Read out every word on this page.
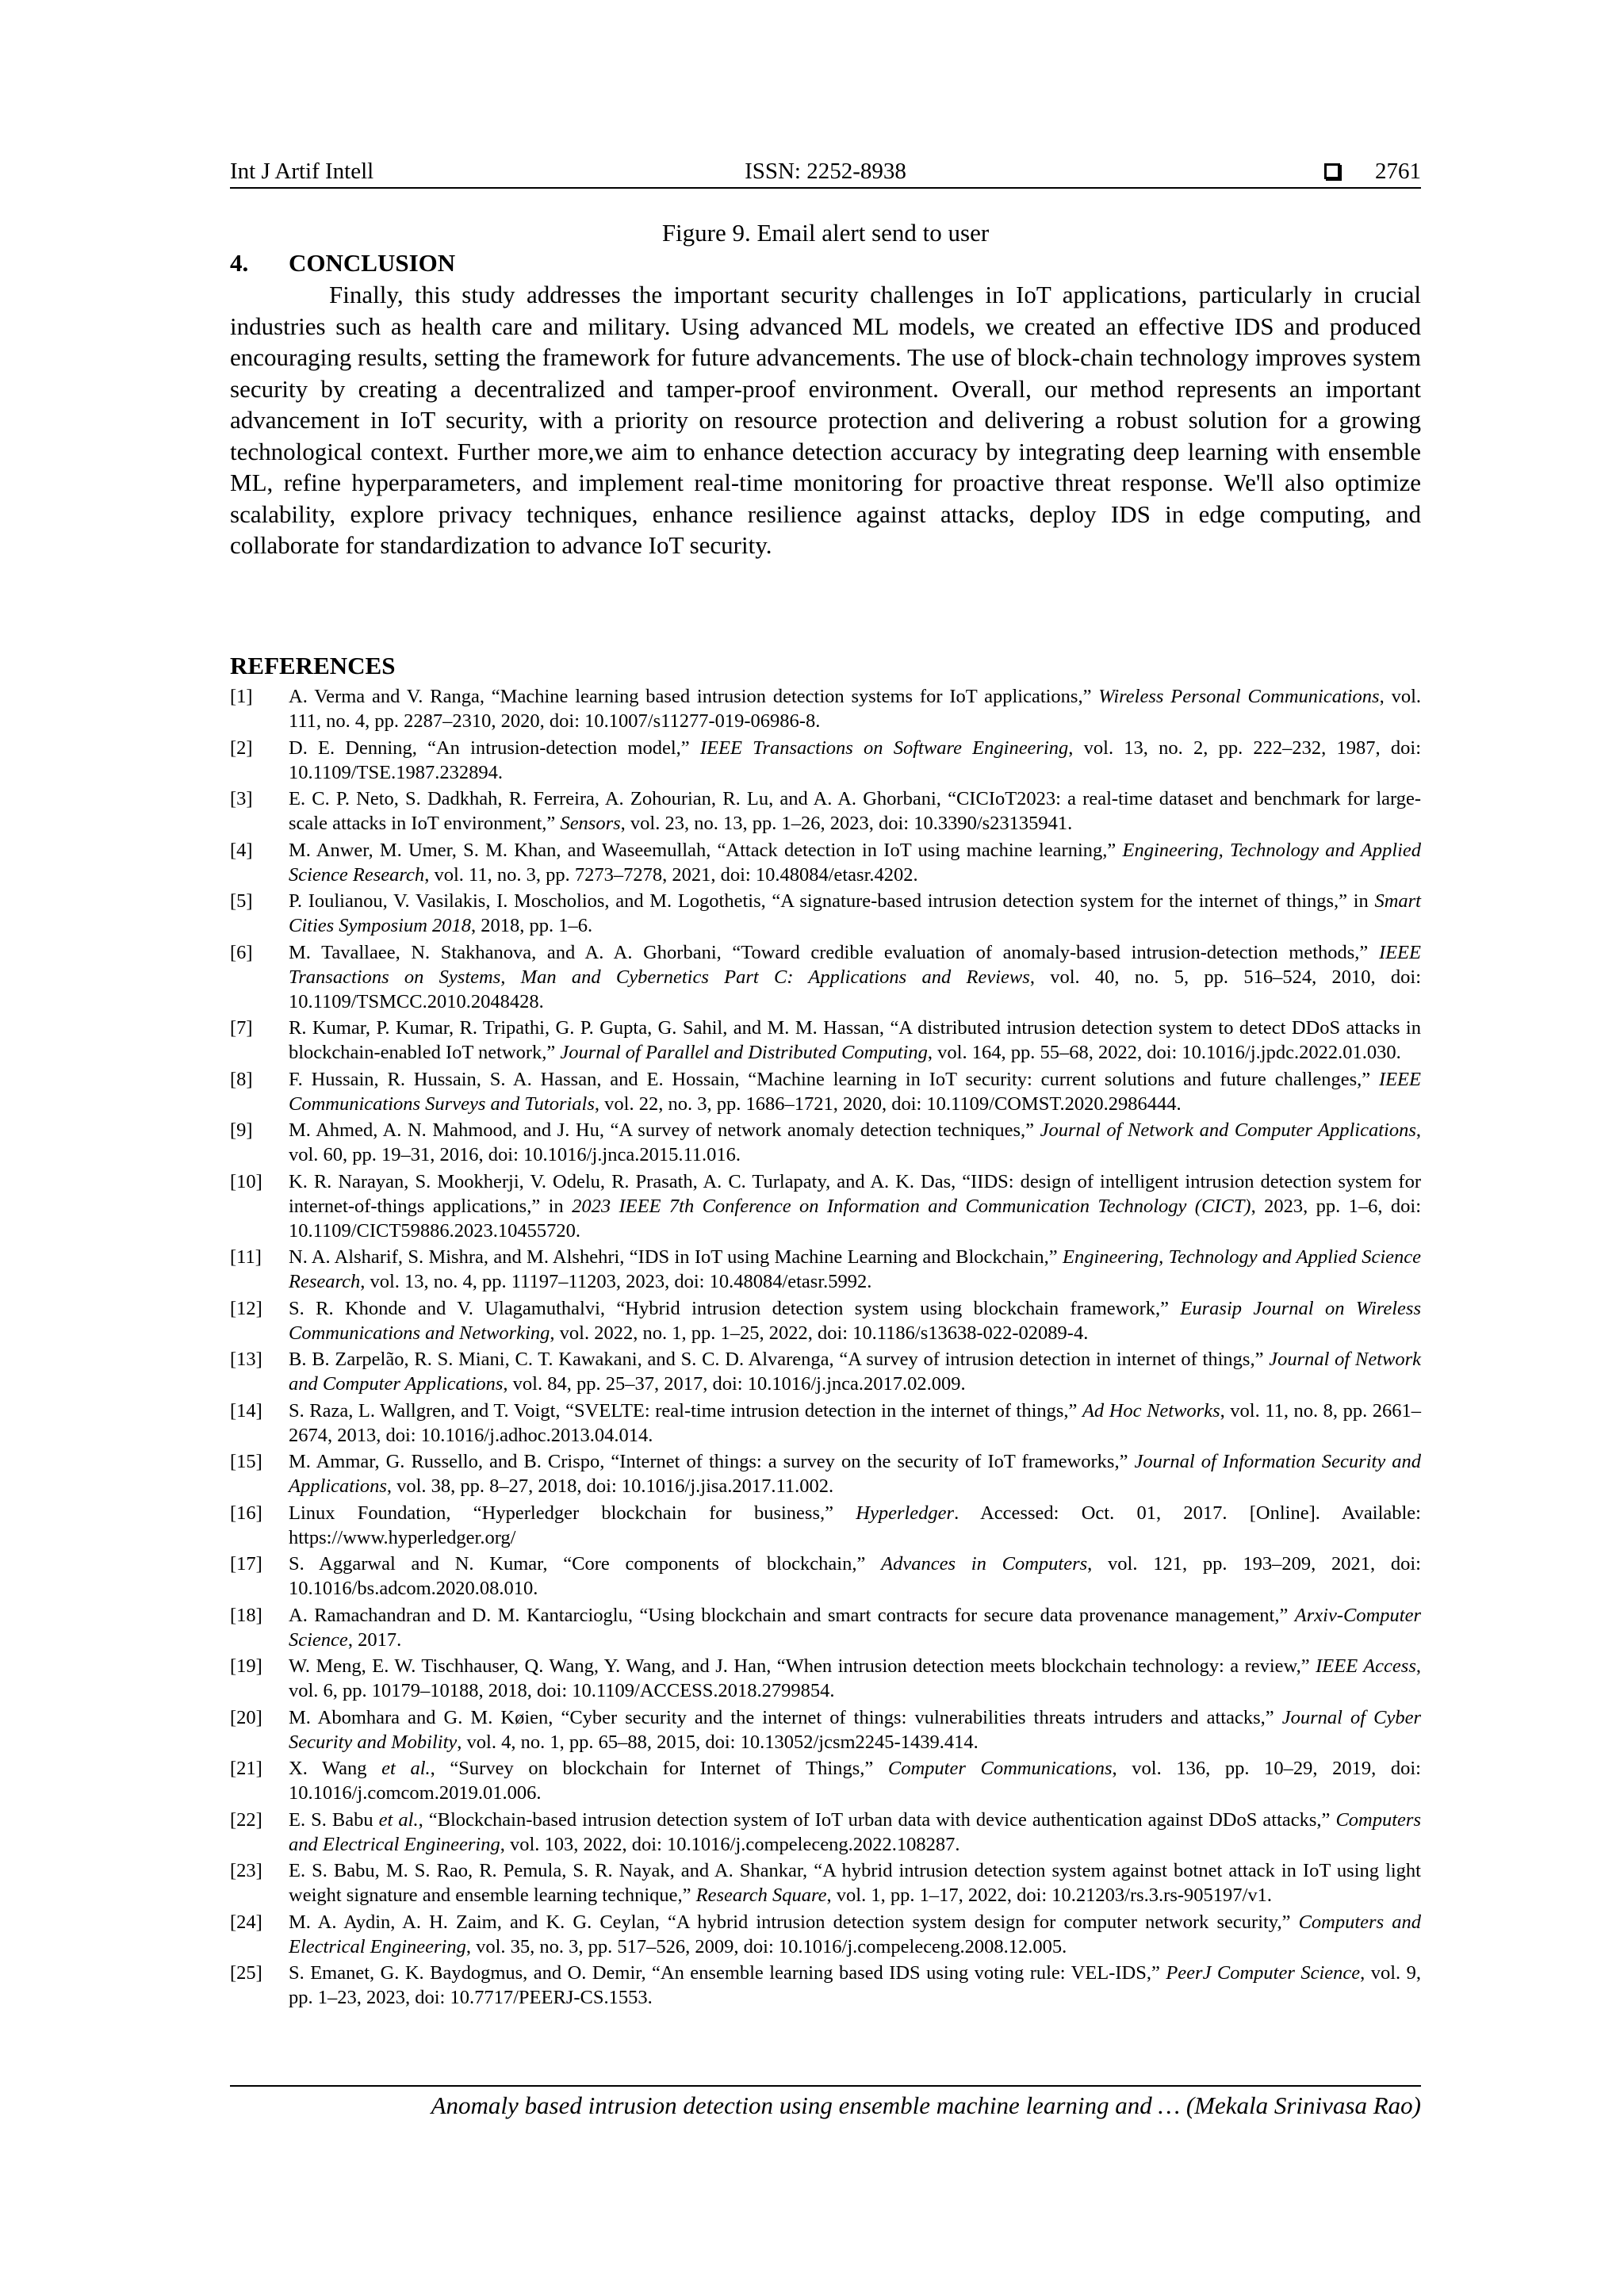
Int J Artif Intell	ISSN: 2252-8938	2761
Figure 9. Email alert send to user
4. CONCLUSION
Finally, this study addresses the important security challenges in IoT applications, particularly in crucial industries such as health care and military. Using advanced ML models, we created an effective IDS and produced encouraging results, setting the framework for future advancements. The use of block-chain technology improves system security by creating a decentralized and tamper-proof environment. Overall, our method represents an important advancement in IoT security, with a priority on resource protection and delivering a robust solution for a growing technological context. Further more,we aim to enhance detection accuracy by integrating deep learning with ensemble ML, refine hyperparameters, and implement real-time monitoring for proactive threat response. We'll also optimize scalability, explore privacy techniques, enhance resilience against attacks, deploy IDS in edge computing, and collaborate for standardization to advance IoT security.
REFERENCES
[1] A. Verma and V. Ranga, “Machine learning based intrusion detection systems for IoT applications,” Wireless Personal Communications, vol. 111, no. 4, pp. 2287–2310, 2020, doi: 10.1007/s11277-019-06986-8.
[2] D. E. Denning, “An intrusion-detection model,” IEEE Transactions on Software Engineering, vol. 13, no. 2, pp. 222–232, 1987, doi: 10.1109/TSE.1987.232894.
[3] E. C. P. Neto, S. Dadkhah, R. Ferreira, A. Zohourian, R. Lu, and A. A. Ghorbani, “CICIoT2023: a real-time dataset and benchmark for large-scale attacks in IoT environment,” Sensors, vol. 23, no. 13, pp. 1–26, 2023, doi: 10.3390/s23135941.
[4] M. Anwer, M. Umer, S. M. Khan, and Waseemullah, “Attack detection in IoT using machine learning,” Engineering, Technology and Applied Science Research, vol. 11, no. 3, pp. 7273–7278, 2021, doi: 10.48084/etasr.4202.
[5] P. Ioulianou, V. Vasilakis, I. Moscholios, and M. Logothetis, “A signature-based intrusion detection system for the internet of things,” in Smart Cities Symposium 2018, 2018, pp. 1–6.
[6] M. Tavallaee, N. Stakhanova, and A. A. Ghorbani, “Toward credible evaluation of anomaly-based intrusion-detection methods,” IEEE Transactions on Systems, Man and Cybernetics Part C: Applications and Reviews, vol. 40, no. 5, pp. 516–524, 2010, doi: 10.1109/TSMCC.2010.2048428.
[7] R. Kumar, P. Kumar, R. Tripathi, G. P. Gupta, G. Sahil, and M. M. Hassan, “A distributed intrusion detection system to detect DDoS attacks in blockchain-enabled IoT network,” Journal of Parallel and Distributed Computing, vol. 164, pp. 55–68, 2022, doi: 10.1016/j.jpdc.2022.01.030.
[8] F. Hussain, R. Hussain, S. A. Hassan, and E. Hossain, “Machine learning in IoT security: current solutions and future challenges,” IEEE Communications Surveys and Tutorials, vol. 22, no. 3, pp. 1686–1721, 2020, doi: 10.1109/COMST.2020.2986444.
[9] M. Ahmed, A. N. Mahmood, and J. Hu, “A survey of network anomaly detection techniques,” Journal of Network and Computer Applications, vol. 60, pp. 19–31, 2016, doi: 10.1016/j.jnca.2015.11.016.
[10] K. R. Narayan, S. Mookherji, V. Odelu, R. Prasath, A. C. Turlapaty, and A. K. Das, “IIDS: design of intelligent intrusion detection system for internet-of-things applications,” in 2023 IEEE 7th Conference on Information and Communication Technology (CICT), 2023, pp. 1–6, doi: 10.1109/CICT59886.2023.10455720.
[11] N. A. Alsharif, S. Mishra, and M. Alshehri, “IDS in IoT using Machine Learning and Blockchain,” Engineering, Technology and Applied Science Research, vol. 13, no. 4, pp. 11197–11203, 2023, doi: 10.48084/etasr.5992.
[12] S. R. Khonde and V. Ulagamuthalvi, “Hybrid intrusion detection system using blockchain framework,” Eurasip Journal on Wireless Communications and Networking, vol. 2022, no. 1, pp. 1–25, 2022, doi: 10.1186/s13638-022-02089-4.
[13] B. B. Zarpelão, R. S. Miani, C. T. Kawakani, and S. C. D. Alvarenga, “A survey of intrusion detection in internet of things,” Journal of Network and Computer Applications, vol. 84, pp. 25–37, 2017, doi: 10.1016/j.jnca.2017.02.009.
[14] S. Raza, L. Wallgren, and T. Voigt, “SVELTE: real-time intrusion detection in the internet of things,” Ad Hoc Networks, vol. 11, no. 8, pp. 2661–2674, 2013, doi: 10.1016/j.adhoc.2013.04.014.
[15] M. Ammar, G. Russello, and B. Crispo, “Internet of things: a survey on the security of IoT frameworks,” Journal of Information Security and Applications, vol. 38, pp. 8–27, 2018, doi: 10.1016/j.jisa.2017.11.002.
[16] Linux Foundation, “Hyperledger blockchain for business,” Hyperledger. Accessed: Oct. 01, 2017. [Online]. Available: https://www.hyperledger.org/
[17] S. Aggarwal and N. Kumar, “Core components of blockchain,” Advances in Computers, vol. 121, pp. 193–209, 2021, doi: 10.1016/bs.adcom.2020.08.010.
[18] A. Ramachandran and D. M. Kantarcioglu, “Using blockchain and smart contracts for secure data provenance management,” Arxiv-Computer Science, 2017.
[19] W. Meng, E. W. Tischhauser, Q. Wang, Y. Wang, and J. Han, “When intrusion detection meets blockchain technology: a review,” IEEE Access, vol. 6, pp. 10179–10188, 2018, doi: 10.1109/ACCESS.2018.2799854.
[20] M. Abomhara and G. M. Køien, “Cyber security and the internet of things: vulnerabilities threats intruders and attacks,” Journal of Cyber Security and Mobility, vol. 4, no. 1, pp. 65–88, 2015, doi: 10.13052/jcsm2245-1439.414.
[21] X. Wang et al., “Survey on blockchain for Internet of Things,” Computer Communications, vol. 136, pp. 10–29, 2019, doi: 10.1016/j.comcom.2019.01.006.
[22] E. S. Babu et al., “Blockchain-based intrusion detection system of IoT urban data with device authentication against DDoS attacks,” Computers and Electrical Engineering, vol. 103, 2022, doi: 10.1016/j.compeleceng.2022.108287.
[23] E. S. Babu, M. S. Rao, R. Pemula, S. R. Nayak, and A. Shankar, “A hybrid intrusion detection system against botnet attack in IoT using light weight signature and ensemble learning technique,” Research Square, vol. 1, pp. 1–17, 2022, doi: 10.21203/rs.3.rs-905197/v1.
[24] M. A. Aydin, A. H. Zaim, and K. G. Ceylan, “A hybrid intrusion detection system design for computer network security,” Computers and Electrical Engineering, vol. 35, no. 3, pp. 517–526, 2009, doi: 10.1016/j.compeleceng.2008.12.005.
[25] S. Emanet, G. K. Baydogmus, and O. Demir, “An ensemble learning based IDS using voting rule: VEL-IDS,” PeerJ Computer Science, vol. 9, pp. 1–23, 2023, doi: 10.7717/PEERJ-CS.1553.
Anomaly based intrusion detection using ensemble machine learning and … (Mekala Srinivasa Rao)
